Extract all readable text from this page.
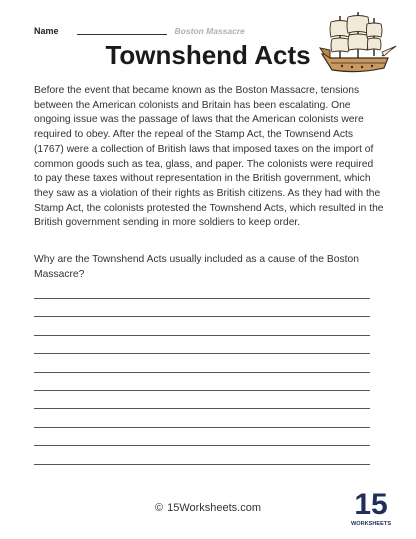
Name	Boston Massacre
Townshend Acts
Before the event that became known as the Boston Massacre, tensions between the American colonists and Britain has been escalating. One ongoing issue was the passage of laws that the American colonists were required to obey. After the repeal of the Stamp Act, the Townsend Acts (1767) were a collection of British laws that imposed taxes on the import of common goods such as tea, glass, and paper. The colonists were required to pay these taxes without representation in the British government, which they saw as a violation of their rights as British citizens. As they had with the Stamp Act, the colonists protested the Townshend Acts, which resulted in the British government sending in more soldiers to keep order.
Why are the Townshend Acts usually included as a cause of the Boston Massacre?
© 15Worksheets.com	15
WORKSHEETS
